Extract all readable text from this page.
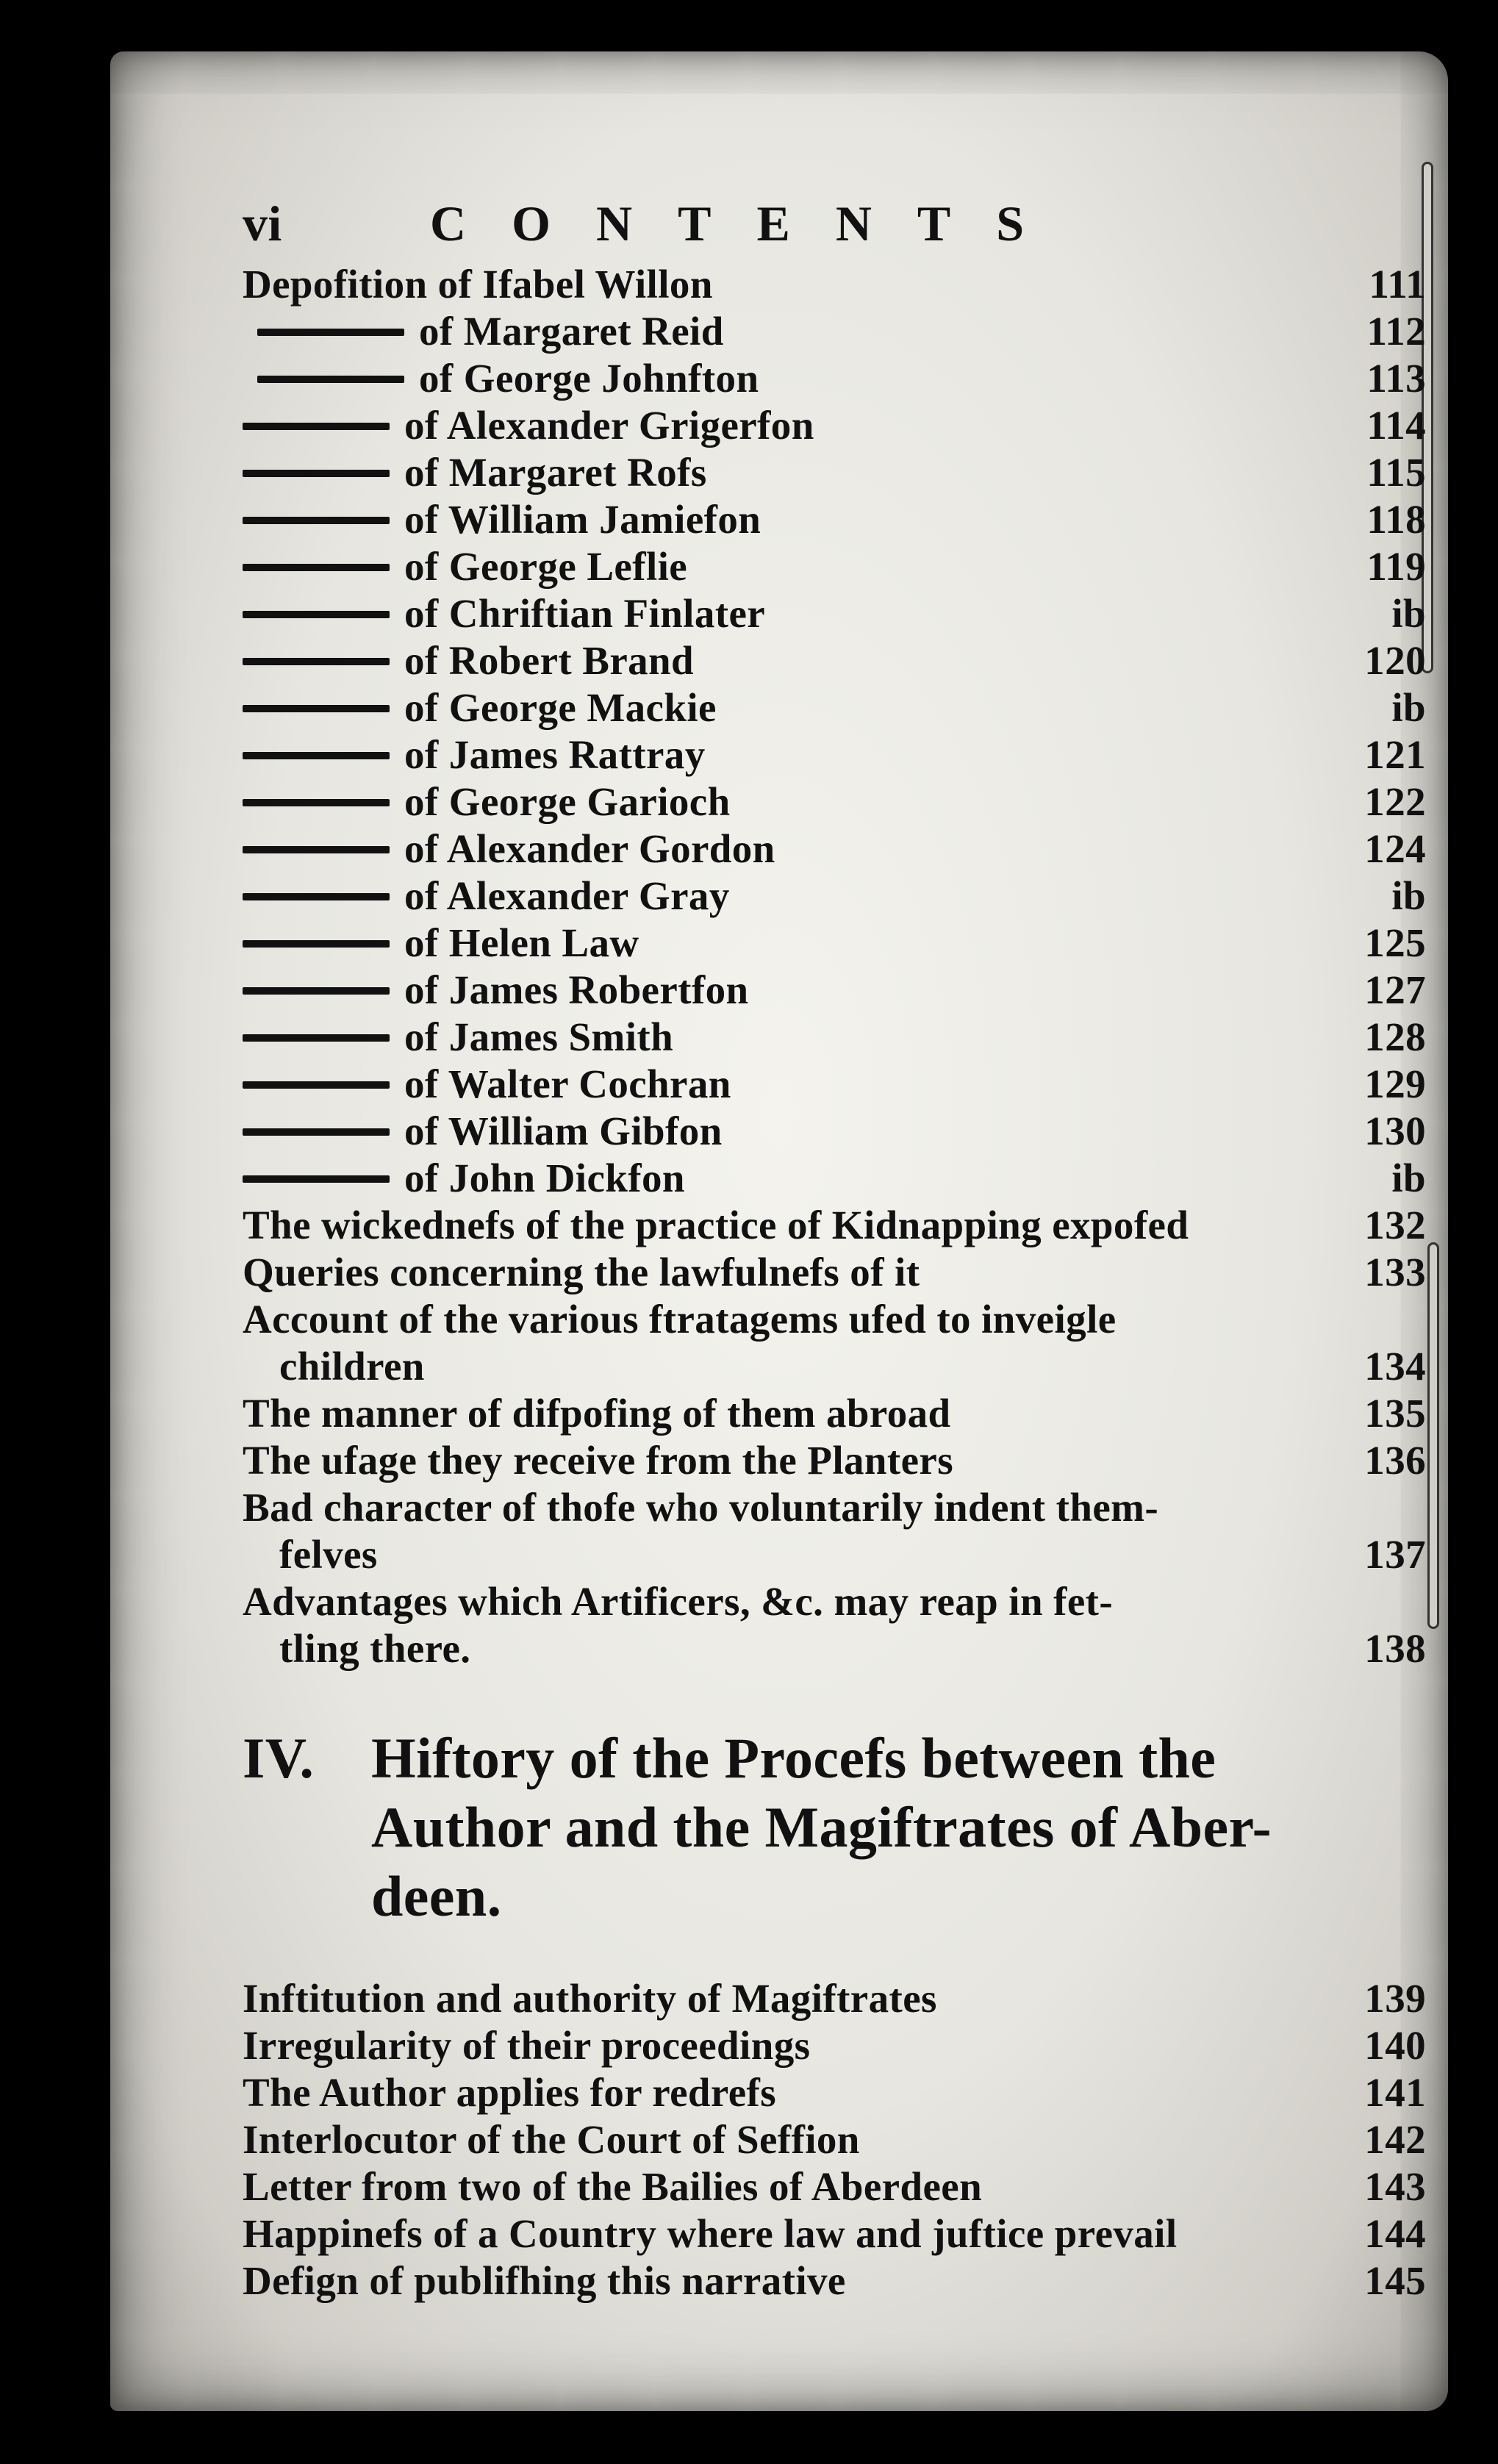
vi	CONTENTS
Depofition of Ifabel Willon	111
of Margaret Reid	112
of George Johnfton	113
of Alexander Grigerfon	114
of Margaret Rofs	115
of William Jamiefon	118
of George Leflie	119
of Chriftian Finlater	ib
of Robert Brand	120
of George Mackie	ib
of James Rattray	121
of George Garioch	122
of Alexander Gordon	124
of Alexander Gray	ib
of Helen Law	125
of James Robertfon	127
of James Smith	128
of Walter Cochran	129
of William Gibfon	130
of John Dickfon	ib
The wickednefs of the practice of Kidnapping expofed	132
Queries concerning the lawfulnefs of it	133
Account of the various ftratagems ufed to inveigle
children	134
The manner of difpofing of them abroad	135
The ufage they receive from the Planters	136
Bad character of thofe who voluntarily indent them-
felves	137
Advantages which Artificers, &c. may reap in fet-
tling there.	138
IV. Hiftory of the Procefs between the
Author and the Magiftrates of Aber-
deen.
Inftitution and authority of Magiftrates	139
Irregularity of their proceedings	140
The Author applies for redrefs	141
Interlocutor of the Court of Seffion	142
Letter from two of the Bailies of Aberdeen	143
Happinefs of a Country where law and juftice prevail	144
Defign of publifhing this narrative	145
